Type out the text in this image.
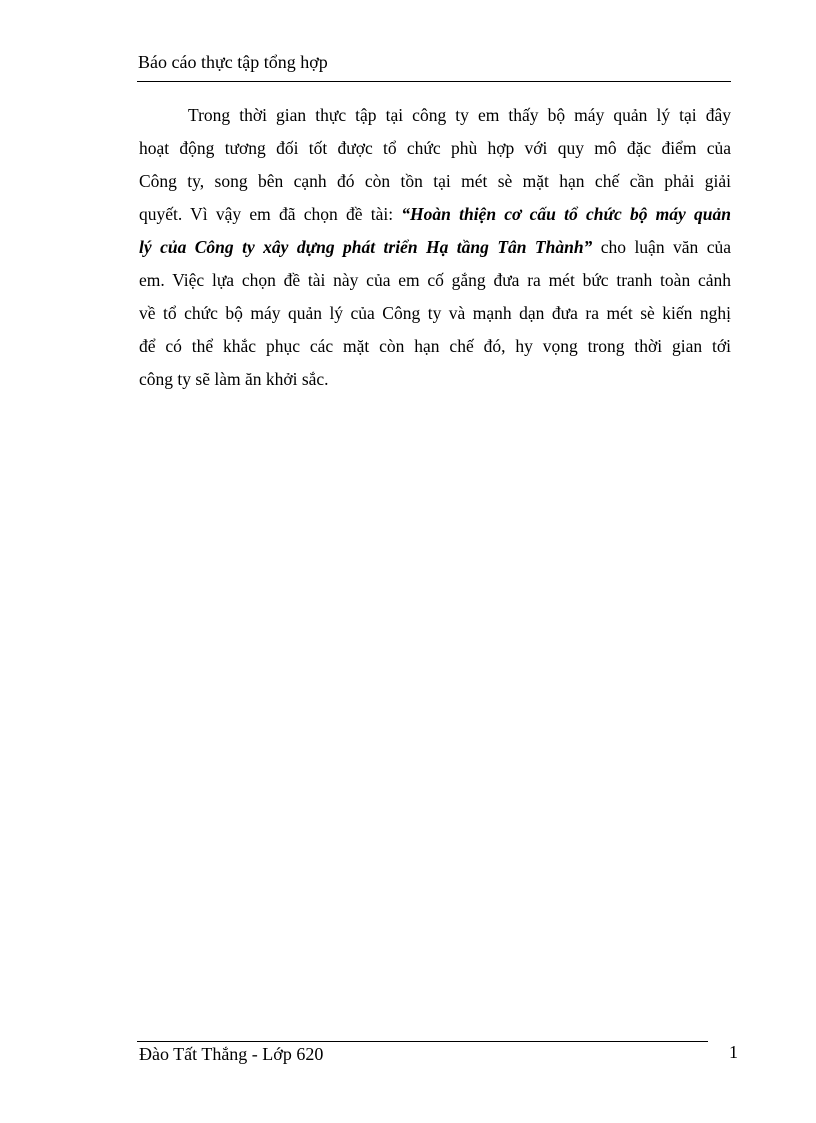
Báo cáo thực tập tổng hợp
Trong thời gian thực tập tại công ty em thấy bộ máy quản lý tại đây
hoạt động tương đối tốt được tổ chức phù hợp với quy mô đặc điểm của
Công ty, song bên cạnh đó còn tồn tại mét sè mặt hạn chế cần phải giải
quyết. Vì vậy em đã chọn đề tài: “Hoàn thiện cơ cấu tổ chức bộ máy quản
lý của Công ty xây dựng phát triển Hạ tầng Tân Thành” cho luận văn của
em. Việc lựa chọn đề tài này của em cố gắng đưa ra mét bức tranh toàn cảnh
về tổ chức bộ máy quản lý của Công ty và mạnh dạn đưa ra mét sè kiến nghị
để có thể khắc phục các mặt còn hạn chế đó, hy vọng trong thời gian tới
công ty sẽ làm ăn khởi sắc.
Đào Tất Thắng - Lớp 620	1
